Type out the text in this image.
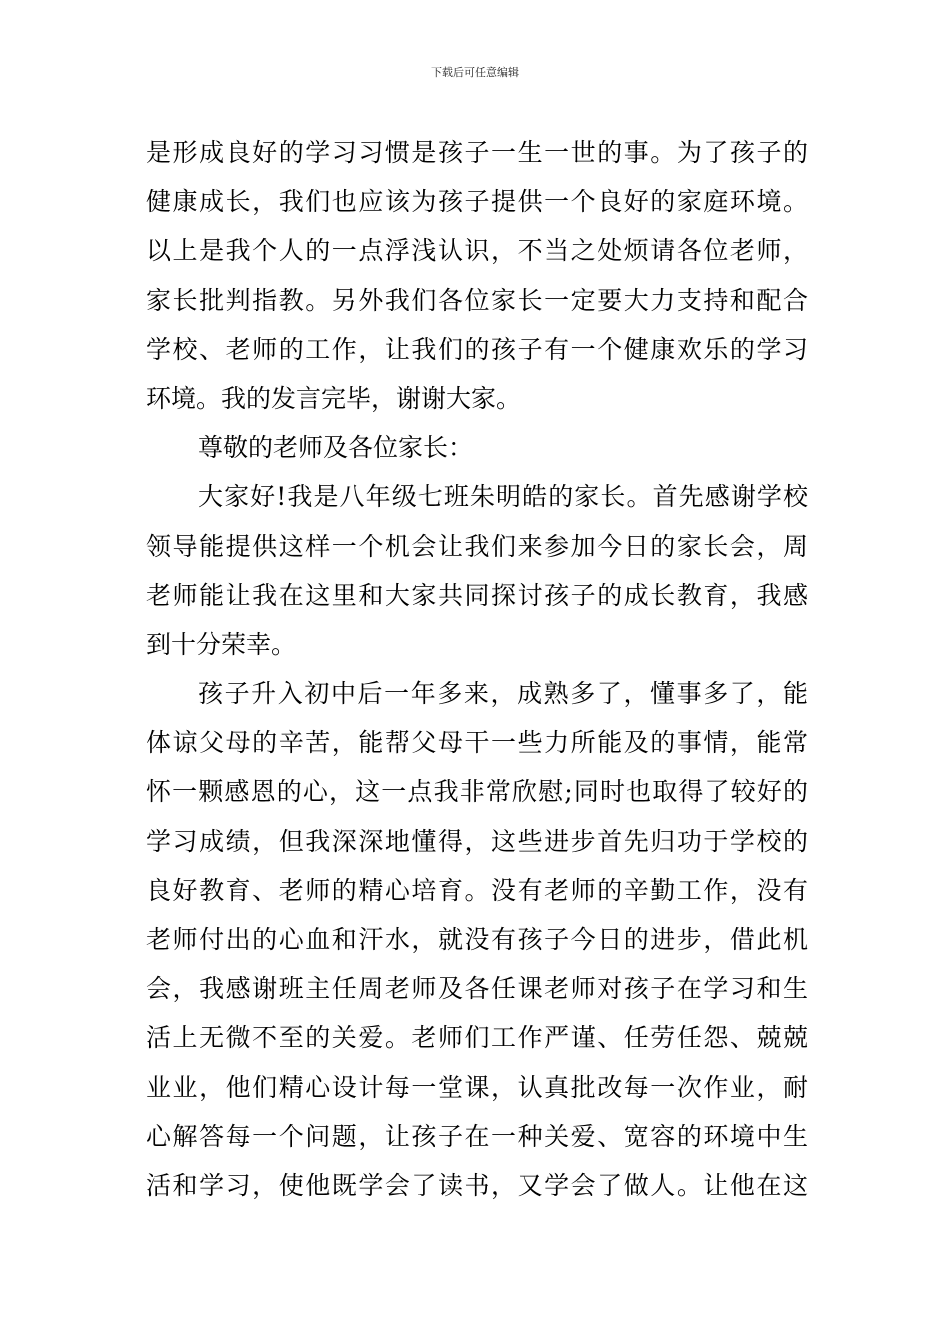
下载后可任意编辑
是形成良好的学习习惯是孩子一生一世的事。为了孩子的
健康成长，我们也应该为孩子提供一个良好的家庭环境。
以上是我个人的一点浮浅认识，不当之处烦请各位老师，
家长批判指教。另外我们各位家长一定要大力支持和配合
学校、老师的工作，让我们的孩子有一个健康欢乐的学习
环境。我的发言完毕，谢谢大家。
尊敬的老师及各位家长：
大家好!我是八年级七班朱明皓的家长。首先感谢学校
领导能提供这样一个机会让我们来参加今日的家长会，周
老师能让我在这里和大家共同探讨孩子的成长教育，我感
到十分荣幸。
孩子升入初中后一年多来，成熟多了，懂事多了，能
体谅父母的辛苦，能帮父母干一些力所能及的事情，能常
怀一颗感恩的心，这一点我非常欣慰;同时也取得了较好的
学习成绩，但我深深地懂得，这些进步首先归功于学校的
良好教育、老师的精心培育。没有老师的辛勤工作，没有
老师付出的心血和汗水，就没有孩子今日的进步，借此机
会，我感谢班主任周老师及各任课老师对孩子在学习和生
活上无微不至的关爱。老师们工作严谨、任劳任怨、兢兢
业业，他们精心设计每一堂课，认真批改每一次作业，耐
心解答每一个问题，让孩子在一种关爱、宽容的环境中生
活和学习，使他既学会了读书，又学会了做人。让他在这
